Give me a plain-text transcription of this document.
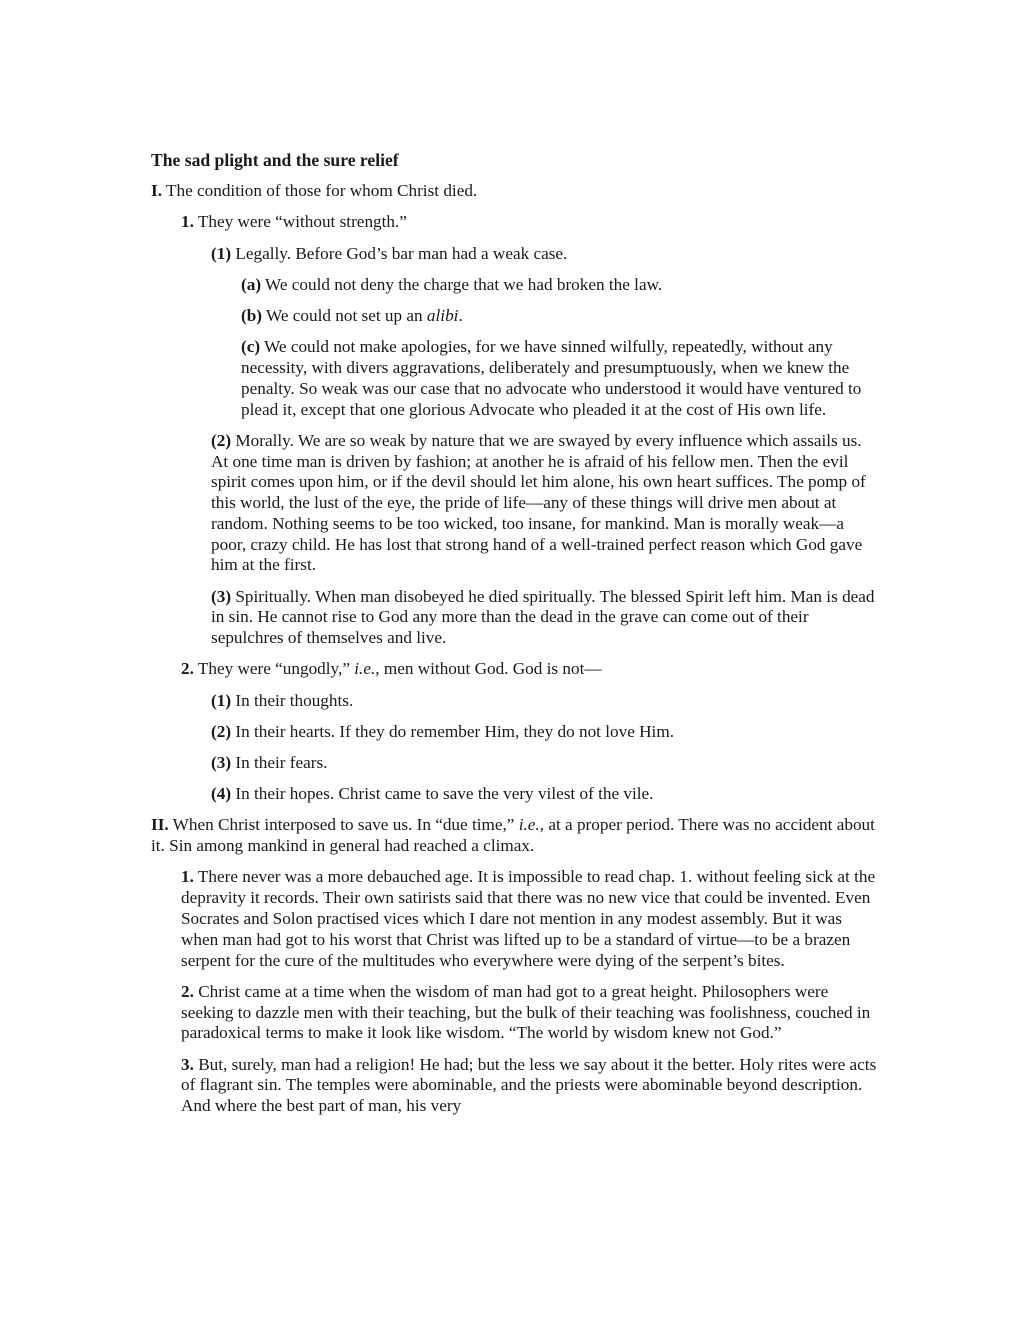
The sad plight and the sure relief

I. The condition of those for whom Christ died.

1. They were “without strength.”

(1) Legally. Before God’s bar man had a weak case.

(a) We could not deny the charge that we had broken the law.

(b) We could not set up an alibi.

(c) We could not make apologies, for we have sinned wilfully, repeatedly, without any necessity, with divers aggravations, deliberately and presumptuously, when we knew the penalty. So weak was our case that no advocate who understood it would have ventured to plead it, except that one glorious Advocate who pleaded it at the cost of His own life.

(2) Morally. We are so weak by nature that we are swayed by every influence which assails us. At one time man is driven by fashion; at another he is afraid of his fellow men. Then the evil spirit comes upon him, or if the devil should let him alone, his own heart suffices. The pomp of this world, the lust of the eye, the pride of life—any of these things will drive men about at random. Nothing seems to be too wicked, too insane, for mankind. Man is morally weak—a poor, crazy child. He has lost that strong hand of a well-trained perfect reason which God gave him at the first.

(3) Spiritually. When man disobeyed he died spiritually. The blessed Spirit left him. Man is dead in sin. He cannot rise to God any more than the dead in the grave can come out of their sepulchres of themselves and live.

2. They were “ungodly,” i.e., men without God. God is not—

(1) In their thoughts.

(2) In their hearts. If they do remember Him, they do not love Him.

(3) In their fears.

(4) In their hopes. Christ came to save the very vilest of the vile.

II. When Christ interposed to save us. In “due time,” i.e., at a proper period. There was no accident about it. Sin among mankind in general had reached a climax.

1. There never was a more debauched age. It is impossible to read chap. 1. without feeling sick at the depravity it records. Their own satirists said that there was no new vice that could be invented. Even Socrates and Solon practised vices which I dare not mention in any modest assembly. But it was when man had got to his worst that Christ was lifted up to be a standard of virtue—to be a brazen serpent for the cure of the multitudes who everywhere were dying of the serpent’s bites.

2. Christ came at a time when the wisdom of man had got to a great height. Philosophers were seeking to dazzle men with their teaching, but the bulk of their teaching was foolishness, couched in paradoxical terms to make it look like wisdom. “The world by wisdom knew not God.”

3. But, surely, man had a religion! He had; but the less we say about it the better. Holy rites were acts of flagrant sin. The temples were abominable, and the priests were abominable beyond description. And where the best part of man, his very
